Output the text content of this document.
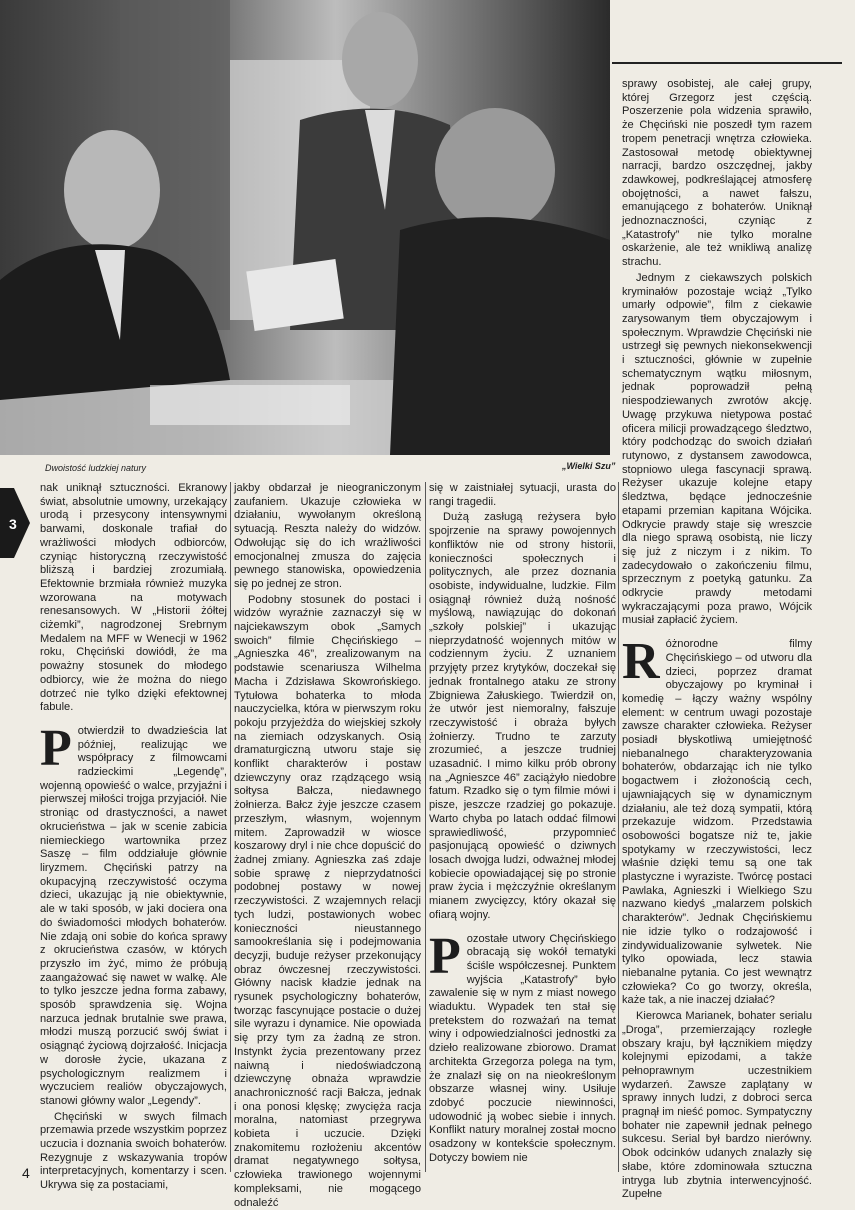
Dwoistość ludzkiej natury	„Wielki Szu”
3

nak uniknął sztuczności. Ekranowy świat, absolutnie umowny, urzekający urodą i przesycony intensywnymi barwami, doskonale trafiał do wrażliwości młodych odbiorców, czyniąc historyczną rzeczywistość bliższą i bardziej zrozumiałą. Efektownie brzmiała również muzyka wzorowana na motywach renesansowych. W „Historii żółtej ciżemki”, nagrodzonej Srebrnym Medalem na MFF w Wenecji w 1962 roku, Chęciński dowiódł, że ma poważny stosunek do młodego odbiorcy, wie że można do niego dotrzeć nie tylko dzięki efektownej fabule.

Potwierdził to dwadzieścia lat później, realizując we współpracy z filmowcami radzieckimi „Legendę”, wojenną opowieść o walce, przyjaźni i pierwszej miłości trojga przyjaciół. Nie stroniąc od drastyczności, a nawet okrucieństwa – jak w scenie zabicia niemieckiego wartownika przez Saszę – film oddziałuje głównie liryzmem. Chęciński patrzy na okupacyjną rzeczywistość oczyma dzieci, ukazując ją nie obiektywnie, ale w taki sposób, w jaki dociera ona do świadomości młodych bohaterów. Nie zdają oni sobie do końca sprawy z okrucieństwa czasów, w których przyszło im żyć, mimo że próbują zaangażować się nawet w walkę. Ale to tylko jeszcze jedna forma zabawy, sposób sprawdzenia się. Wojna narzuca jednak brutalnie swe prawa, młodzi muszą porzucić swój świat i osiągnąć życiową dojrzałość. Inicjacja w dorosłe życie, ukazana z psychologicznym realizmem i wyczuciem realiów obyczajowych, stanowi główny walor „Legendy”.

Chęciński w swych filmach przemawia przede wszystkim poprzez uczucia i doznania swoich bohaterów. Rezygnuje z wskazywania tropów interpretacyjnych, komentarzy i scen. Ukrywa się za postaciami,

jakby obdarzał je nieograniczonym zaufaniem. Ukazuje człowieka w działaniu, wywołanym określoną sytuacją. Reszta należy do widzów. Odwołując się do ich wrażliwości emocjonalnej zmusza do zajęcia pewnego stanowiska, opowiedzenia się po jednej ze stron.

Podobny stosunek do postaci i widzów wyraźnie zaznaczył się w najciekawszym obok „Samych swoich” filmie Chęcińskiego – „Agnieszka 46”, zrealizowanym na podstawie scenariusza Wilhelma Macha i Zdzisława Skowrońskiego. Tytułowa bohaterka to młoda nauczycielka, która w pierwszym roku pokoju przyjeżdża do wiejskiej szkoły na ziemiach odzyskanych. Osią dramaturgiczną utworu staje się konflikt charakterów i postaw dziewczyny oraz rządzącego wsią sołtysa Bałcza, niedawnego żołnierza. Bałcz żyje jeszcze czasem przeszłym, własnym, wojennym mitem. Zaprowadził w wiosce koszarowy dryl i nie chce dopuścić do żadnej zmiany. Agnieszka zaś zdaje sobie sprawę z nieprzydatności podobnej postawy w nowej rzeczywistości. Z wzajemnych relacji tych ludzi, postawionych wobec konieczności nieustannego samookreślania się i podejmowania decyzji, buduje reżyser przekonujący obraz ówczesnej rzeczywistości. Główny nacisk kładzie jednak na rysunek psychologiczny bohaterów, tworząc fascynujące postacie o dużej sile wyrazu i dynamice. Nie opowiada się przy tym za żadną ze stron. Instynkt życia prezentowany przez naiwną i niedoświadczoną dziewczynę obnaża wprawdzie anachroniczność racji Bałcza, jednak i ona ponosi klęskę; zwycięża racja moralna, natomiast przegrywa kobieta i uczucie. Dzięki znakomitemu rozłożeniu akcentów dramat negatywnego sołtysa, człowieka trawionego wojennymi kompleksami, nie mogącego odnaleźć

się w zaistniałej sytuacji, urasta do rangi tragedii.

Dużą zasługą reżysera było spojrzenie na sprawy powojennych konfliktów nie od strony historii, konieczności społecznych i politycznych, ale przez doznania osobiste, indywidualne, ludzkie. Film osiągnął również dużą nośność myślową, nawiązując do dokonań „szkoły polskiej” i ukazując nieprzydatność wojennych mitów w codziennym życiu. Z uznaniem przyjęty przez krytyków, doczekał się jednak frontalnego ataku ze strony Zbigniewa Załuskiego. Twierdził on, że utwór jest niemoralny, fałszuje rzeczywistość i obraża byłych żołnierzy. Trudno te zarzuty zrozumieć, a jeszcze trudniej uzasadnić. I mimo kilku prób obrony na „Agnieszce 46” zaciążyło niedobre fatum. Rzadko się o tym filmie mówi i pisze, jeszcze rzadziej go pokazuje. Warto chyba po latach oddać filmowi sprawiedliwość, przypomnieć pasjonującą opowieść o dziwnych losach dwojga ludzi, odważnej młodej kobiecie opowiadającej się po stronie praw życia i mężczyźnie określanym mianem zwycięzcy, który okazał się ofiarą wojny.

Pozostałe utwory Chęcińskiego obracają się wokół tematyki ściśle współczesnej. Punktem wyjścia „Katastrofy” było zawalenie się w nym z miast nowego wiaduktu. Wypadek ten stał się pretekstem do rozważań na temat winy i odpowiedzialności jednostki za dzieło realizowane zbiorowo. Dramat architekta Grzegorza polega na tym, że znalazł się on na nieokreślonym obszarze własnej winy. Usiłuje zdobyć poczucie niewinności, udowodnić ją wobec siebie i innych. Konflikt natury moralnej został mocno osadzony w kontekście społecznym. Dotyczy bowiem nie

sprawy osobistej, ale całej grupy, której Grzegorz jest częścią. Poszerzenie pola widzenia sprawiło, że Chęciński nie poszedł tym razem tropem penetracji wnętrza człowieka. Zastosował metodę obiektywnej narracji, bardzo oszczędnej, jakby zdawkowej, podkreślającej atmosferę obojętności, a nawet fałszu, emanującego z bohaterów. Uniknął jednoznaczności, czyniąc z „Katastrofy” nie tylko moralne oskarżenie, ale też wnikliwą analizę strachu.

Jednym z ciekawszych polskich kryminałów pozostaje wciąż „Tylko umarły odpowie”, film z ciekawie zarysowanym tłem obyczajowym i społecznym. Wprawdzie Chęciński nie ustrzegł się pewnych niekonsekwencji i sztuczności, głównie w zupełnie schematycznym wątku miłosnym, jednak poprowadził pełną niespodziewanych zwrotów akcję. Uwagę przykuwa nietypowa postać oficera milicji prowadzącego śledztwo, który podchodząc do swoich działań rutynowo, z dystansem zawodowca, stopniowo ulega fascynacji sprawą. Reżyser ukazuje kolejne etapy śledztwa, będące jednocześnie etapami przemian kapitana Wójcika. Odkrycie prawdy staje się wreszcie dla niego sprawą osobistą, nie liczy się już z niczym i z nikim. To zadecydowało o zakończeniu filmu, sprzecznym z poetyką gatunku. Za odkrycie prawdy metodami wykraczającymi poza prawo, Wójcik musiał zapłacić życiem.

Różnorodne filmy Chęcińskiego – od utworu dla dzieci, poprzez dramat obyczajowy po kryminał i komedię – łączy ważny wspólny element: w centrum uwagi pozostaje zawsze charakter człowieka. Reżyser posiadł błyskotliwą umiejętność niebanalnego charakteryzowania bohaterów, obdarzając ich nie tylko bogactwem i złożonością cech, ujawniających się w dynamicznym działaniu, ale też dozą sympatii, którą przekazuje widzom. Przedstawia osobowości bogatsze niż te, jakie spotykamy w rzeczywistości, lecz właśnie dzięki temu są one tak plastyczne i wyraziste. Twórcę postaci Pawlaka, Agnieszki i Wielkiego Szu nazwano kiedyś „malarzem polskich charakterów”. Jednak Chęcińskiemu nie idzie tylko o rodzajowość i zindywidualizowanie sylwetek. Nie tylko opowiada, lecz stawia niebanalne pytania. Co jest wewnątrz człowieka? Co go tworzy, określa, każe tak, a nie inaczej działać?

Kierowca Marianek, bohater serialu „Droga”, przemierzający rozległe obszary kraju, był łącznikiem między kolejnymi epizodami, a także pełnoprawnym uczestnikiem wydarzeń. Zawsze zaplątany w sprawy innych ludzi, z dobroci serca pragnął im nieść pomoc. Sympatyczny bohater nie zapewnił jednak pełnego sukcesu. Serial był bardzo nierówny. Obok odcinków udanych znalazły się słabe, które zdominowała sztuczna intryga lub zbytnia interwencyjność. Zupełne

4
